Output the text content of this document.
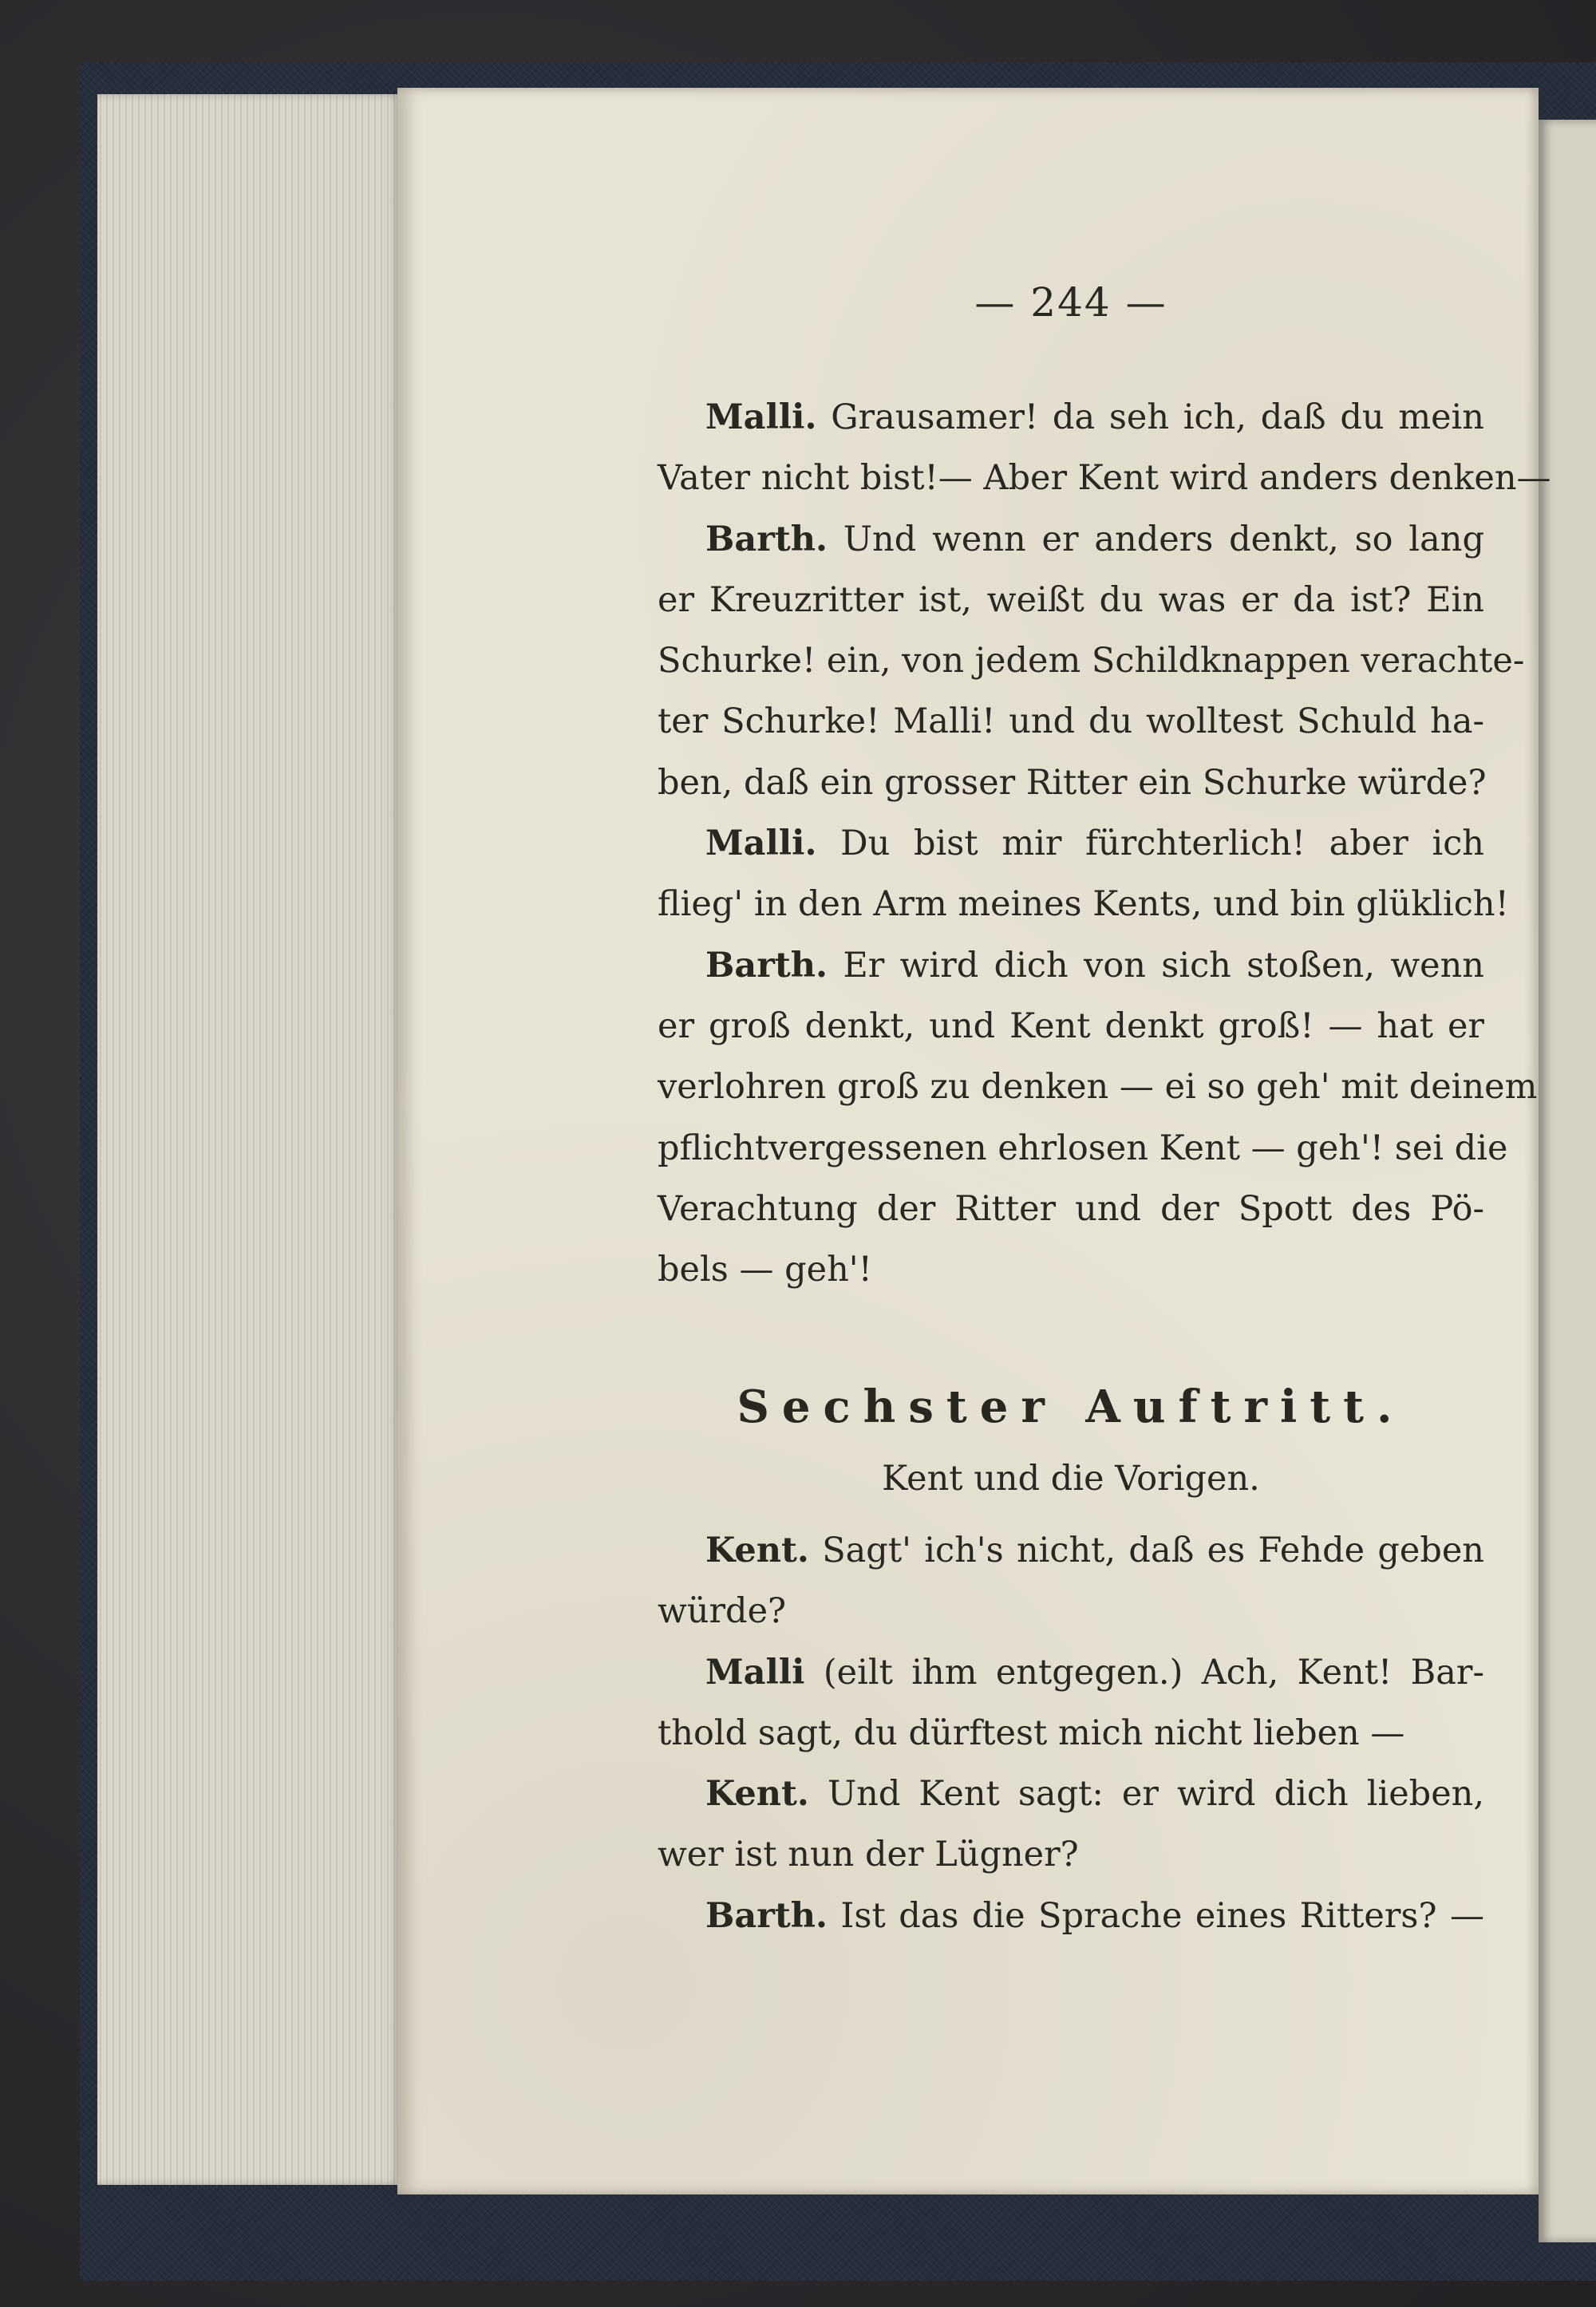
— 244 —
Malli. Grausamer! da seh ich, daß du mein
Vater nicht bist!— Aber Kent wird anders denken—
Barth. Und wenn er anders denkt, so lang
er Kreuzritter ist, weißt du was er da ist? Ein
Schurke! ein, von jedem Schildknappen verachte-
ter Schurke! Malli! und du wolltest Schuld ha-
ben, daß ein grosser Ritter ein Schurke würde?
Malli. Du bist mir fürchterlich! aber ich
flieg' in den Arm meines Kents, und bin glüklich!
Barth. Er wird dich von sich stoßen, wenn
er groß denkt, und Kent denkt groß! — hat er
verlohren groß zu denken — ei so geh' mit deinem
pflichtvergessenen ehrlosen Kent — geh'! sei die
Verachtung der Ritter und der Spott des Pö-
bels — geh'!
Sechster Auftritt.
Kent und die Vorigen.
Kent. Sagt' ich's nicht, daß es Fehde geben
würde?
Malli (eilt ihm entgegen.) Ach, Kent! Bar-
thold sagt, du dürftest mich nicht lieben —
Kent. Und Kent sagt: er wird dich lieben,
wer ist nun der Lügner?
Barth. Ist das die Sprache eines Ritters? —
